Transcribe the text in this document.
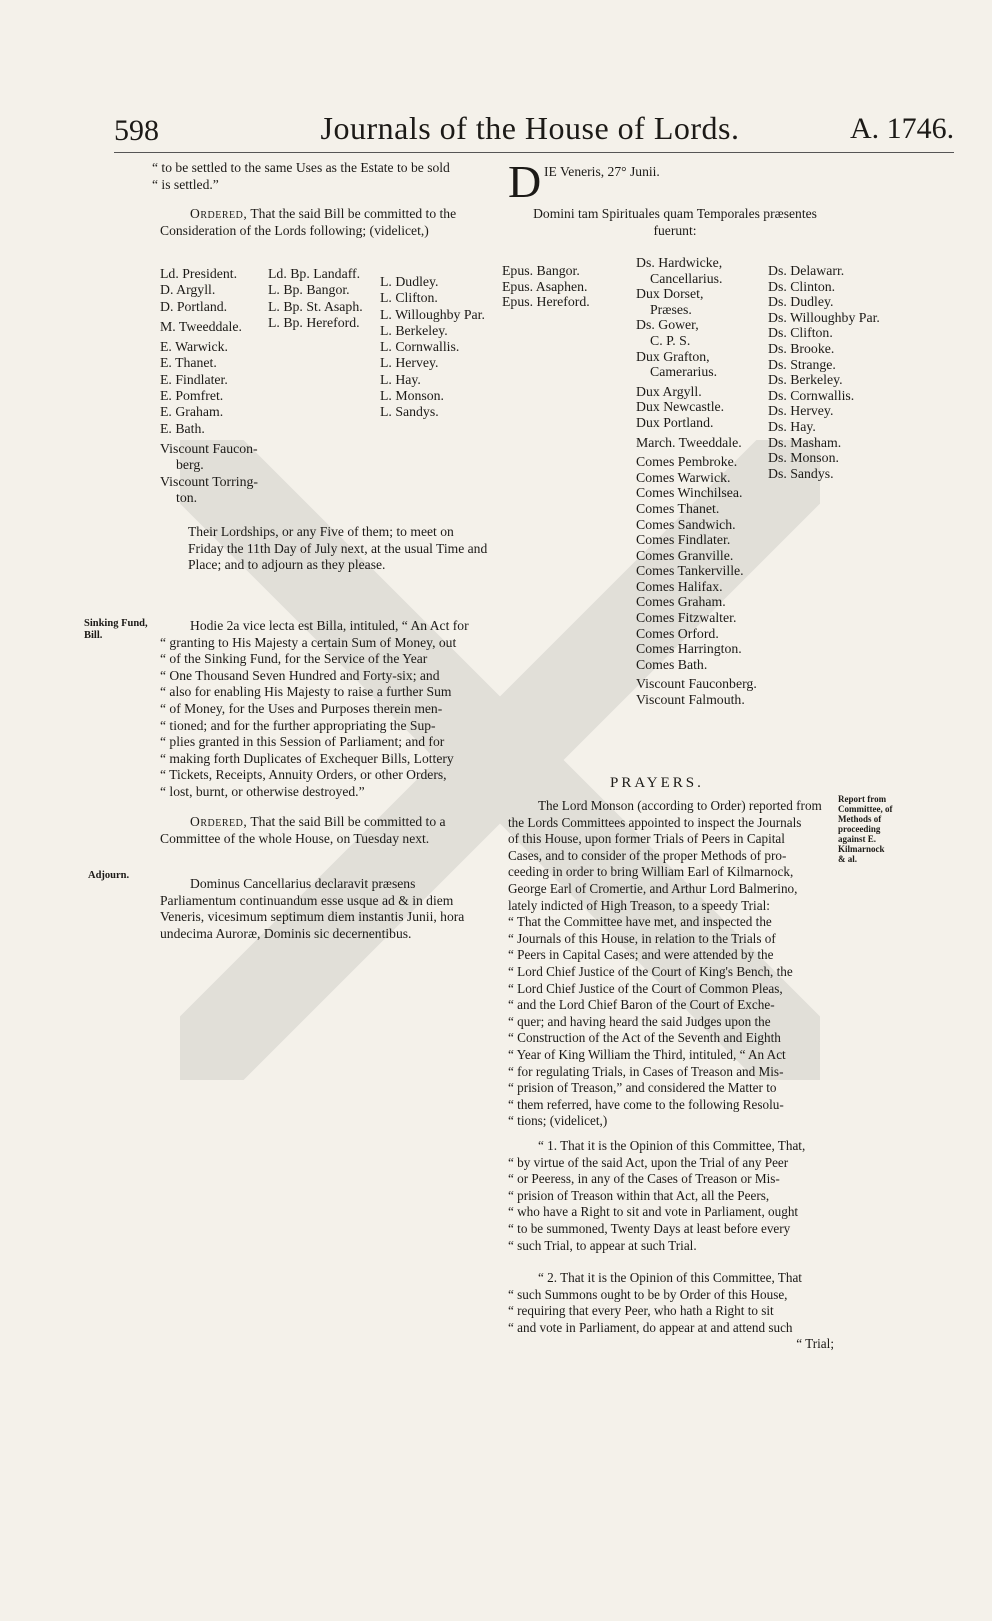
598	Journals of the House of Lords.	A. 1746.

“ to be settled to the same Uses as the Estate to be sold

“ is settled.”

Ordered, That the said Bill be committed to the Consideration of the Lords following; (videlicet,)

Ld. President.
D. Argyll.
D. Portland.
M. Tweeddale.
E. Warwick.
E. Thanet.
E. Findlater.
E. Pomfret.
E. Graham.
E. Bath.
Viscount Faucon-
berg.
Viscount Torring-
ton.
Ld. Bp. Landaff.
L. Bp. Bangor.
L. Bp. St. Asaph.
L. Bp. Hereford.
L. Dudley.
L. Clifton.
L. Willoughby Par.
L. Berkeley.
L. Cornwallis.
L. Hervey.
L. Hay.
L. Monson.
L. Sandys.

Their Lordships, or any Five of them; to meet on Friday the 11th Day of July next, at the usual Time and Place; and to adjourn as they please.

Sinking Fund,
Bill.

Hodie 2a vice lecta est Billa, intituled, “ An Act for

“ granting to His Majesty a certain Sum of Money, out

“ of the Sinking Fund, for the Service of the Year

“ One Thousand Seven Hundred and Forty-six; and

“ also for enabling His Majesty to raise a further Sum

“ of Money, for the Uses and Purposes therein men-

“ tioned; and for the further appropriating the Sup-

“ plies granted in this Session of Parliament; and for

“ making forth Duplicates of Exchequer Bills, Lottery

“ Tickets, Receipts, Annuity Orders, or other Orders,

“ lost, burnt, or otherwise destroyed.”

Ordered, That the said Bill be committed to a Committee of the whole House, on Tuesday next.

Adjourn.

Dominus Cancellarius declaravit præsens Parliamentum continuandum esse usque ad & in diem Veneris, vicesimum septimum diem instantis Junii, hora undecima Auroræ, Dominis sic decernentibus.

D IE Veneris, 27° Junii.

Domini tam Spirituales quam Temporales præsentes fuerunt:

Epus. Bangor.
Epus. Asaphen.
Epus. Hereford.
Ds. Hardwicke,
Cancellarius.
Dux Dorset,
Præses.
Ds. Gower,
C. P. S.
Dux Grafton,
Camerarius.
Dux Argyll.
Dux Newcastle.
Dux Portland.
March. Tweeddale.
Comes Pembroke.
Comes Warwick.
Comes Winchilsea.
Comes Thanet.
Comes Sandwich.
Comes Findlater.
Comes Granville.
Comes Tankerville.
Comes Halifax.
Comes Graham.
Comes Fitzwalter.
Comes Orford.
Comes Harrington.
Comes Bath.
Viscount Fauconberg.
Viscount Falmouth.
Ds. Delawarr.
Ds. Clinton.
Ds. Dudley.
Ds. Willoughby Par.
Ds. Clifton.
Ds. Brooke.
Ds. Strange.
Ds. Berkeley.
Ds. Cornwallis.
Ds. Hervey.
Ds. Hay.
Ds. Masham.
Ds. Monson.
Ds. Sandys.
PRAYERS.
Report from
Committee, of
Methods of
proceeding
against E.
Kilmarnock
& al.

The Lord Monson (according to Order) reported from

the Lords Committees appointed to inspect the Journals

of this House, upon former Trials of Peers in Capital

Cases, and to consider of the proper Methods of pro-

ceeding in order to bring William Earl of Kilmarnock,

George Earl of Cromertie, and Arthur Lord Balmerino,

lately indicted of High Treason, to a speedy Trial:

“ That the Committee have met, and inspected the

“ Journals of this House, in relation to the Trials of

“ Peers in Capital Cases; and were attended by the

“ Lord Chief Justice of the Court of King's Bench, the

“ Lord Chief Justice of the Court of Common Pleas,

“ and the Lord Chief Baron of the Court of Exche-

“ quer; and having heard the said Judges upon the

“ Construction of the Act of the Seventh and Eighth

“ Year of King William the Third, intituled, “ An Act

“ for regulating Trials, in Cases of Treason and Mis-

“ prision of Treason,” and considered the Matter to

“ them referred, have come to the following Resolu-

“ tions; (videlicet,)

“ 1. That it is the Opinion of this Committee, That,

“ by virtue of the said Act, upon the Trial of any Peer

“ or Peeress, in any of the Cases of Treason or Mis-

“ prision of Treason within that Act, all the Peers,

“ who have a Right to sit and vote in Parliament, ought

“ to be summoned, Twenty Days at least before every

“ such Trial, to appear at such Trial.

“ 2. That it is the Opinion of this Committee, That

“ such Summons ought to be by Order of this House,

“ requiring that every Peer, who hath a Right to sit

“ and vote in Parliament, do appear at and attend such

“ Trial;
